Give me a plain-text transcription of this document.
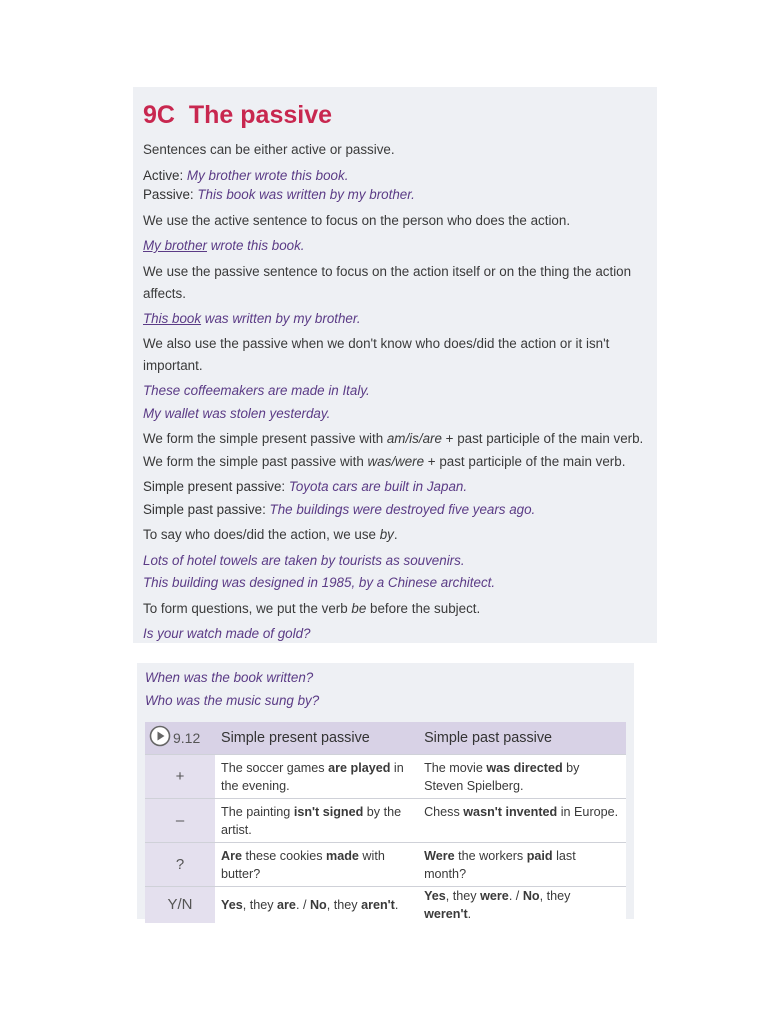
9C The passive

Sentences can be either active or passive.

Active: My brother wrote this book.

Passive: This book was written by my brother.

We use the active sentence to focus on the person who does the action.

My brother wrote this book.

We use the passive sentence to focus on the action itself or on the thing the action affects.

This book was written by my brother.

We also use the passive when we don't know who does/did the action or it isn't important.

These coffeemakers are made in Italy.

My wallet was stolen yesterday.

We form the simple present passive with am/is/are + past participle of the main verb.

We form the simple past passive with was/were + past participle of the main verb.

Simple present passive: Toyota cars are built in Japan.

Simple past passive: The buildings were destroyed five years ago.

To say who does/did the action, we use by.

Lots of hotel towels are taken by tourists as souvenirs.

This building was designed in 1985, by a Chinese architect.

To form questions, we put the verb be before the subject.

Is your watch made of gold?

When was the book written?

Who was the music sung by?

9.12	Simple present passive	Simple past passive
+	The soccer games are played in the evening.	The movie was directed by Steven Spielberg.
–	The painting isn't signed by the artist.	Chess wasn't invented in Europe.
?	Are these cookies made with butter?	Were the workers paid last month?
Y/N	Yes, they are. / No, they aren't.	Yes, they were. / No, they weren't.
